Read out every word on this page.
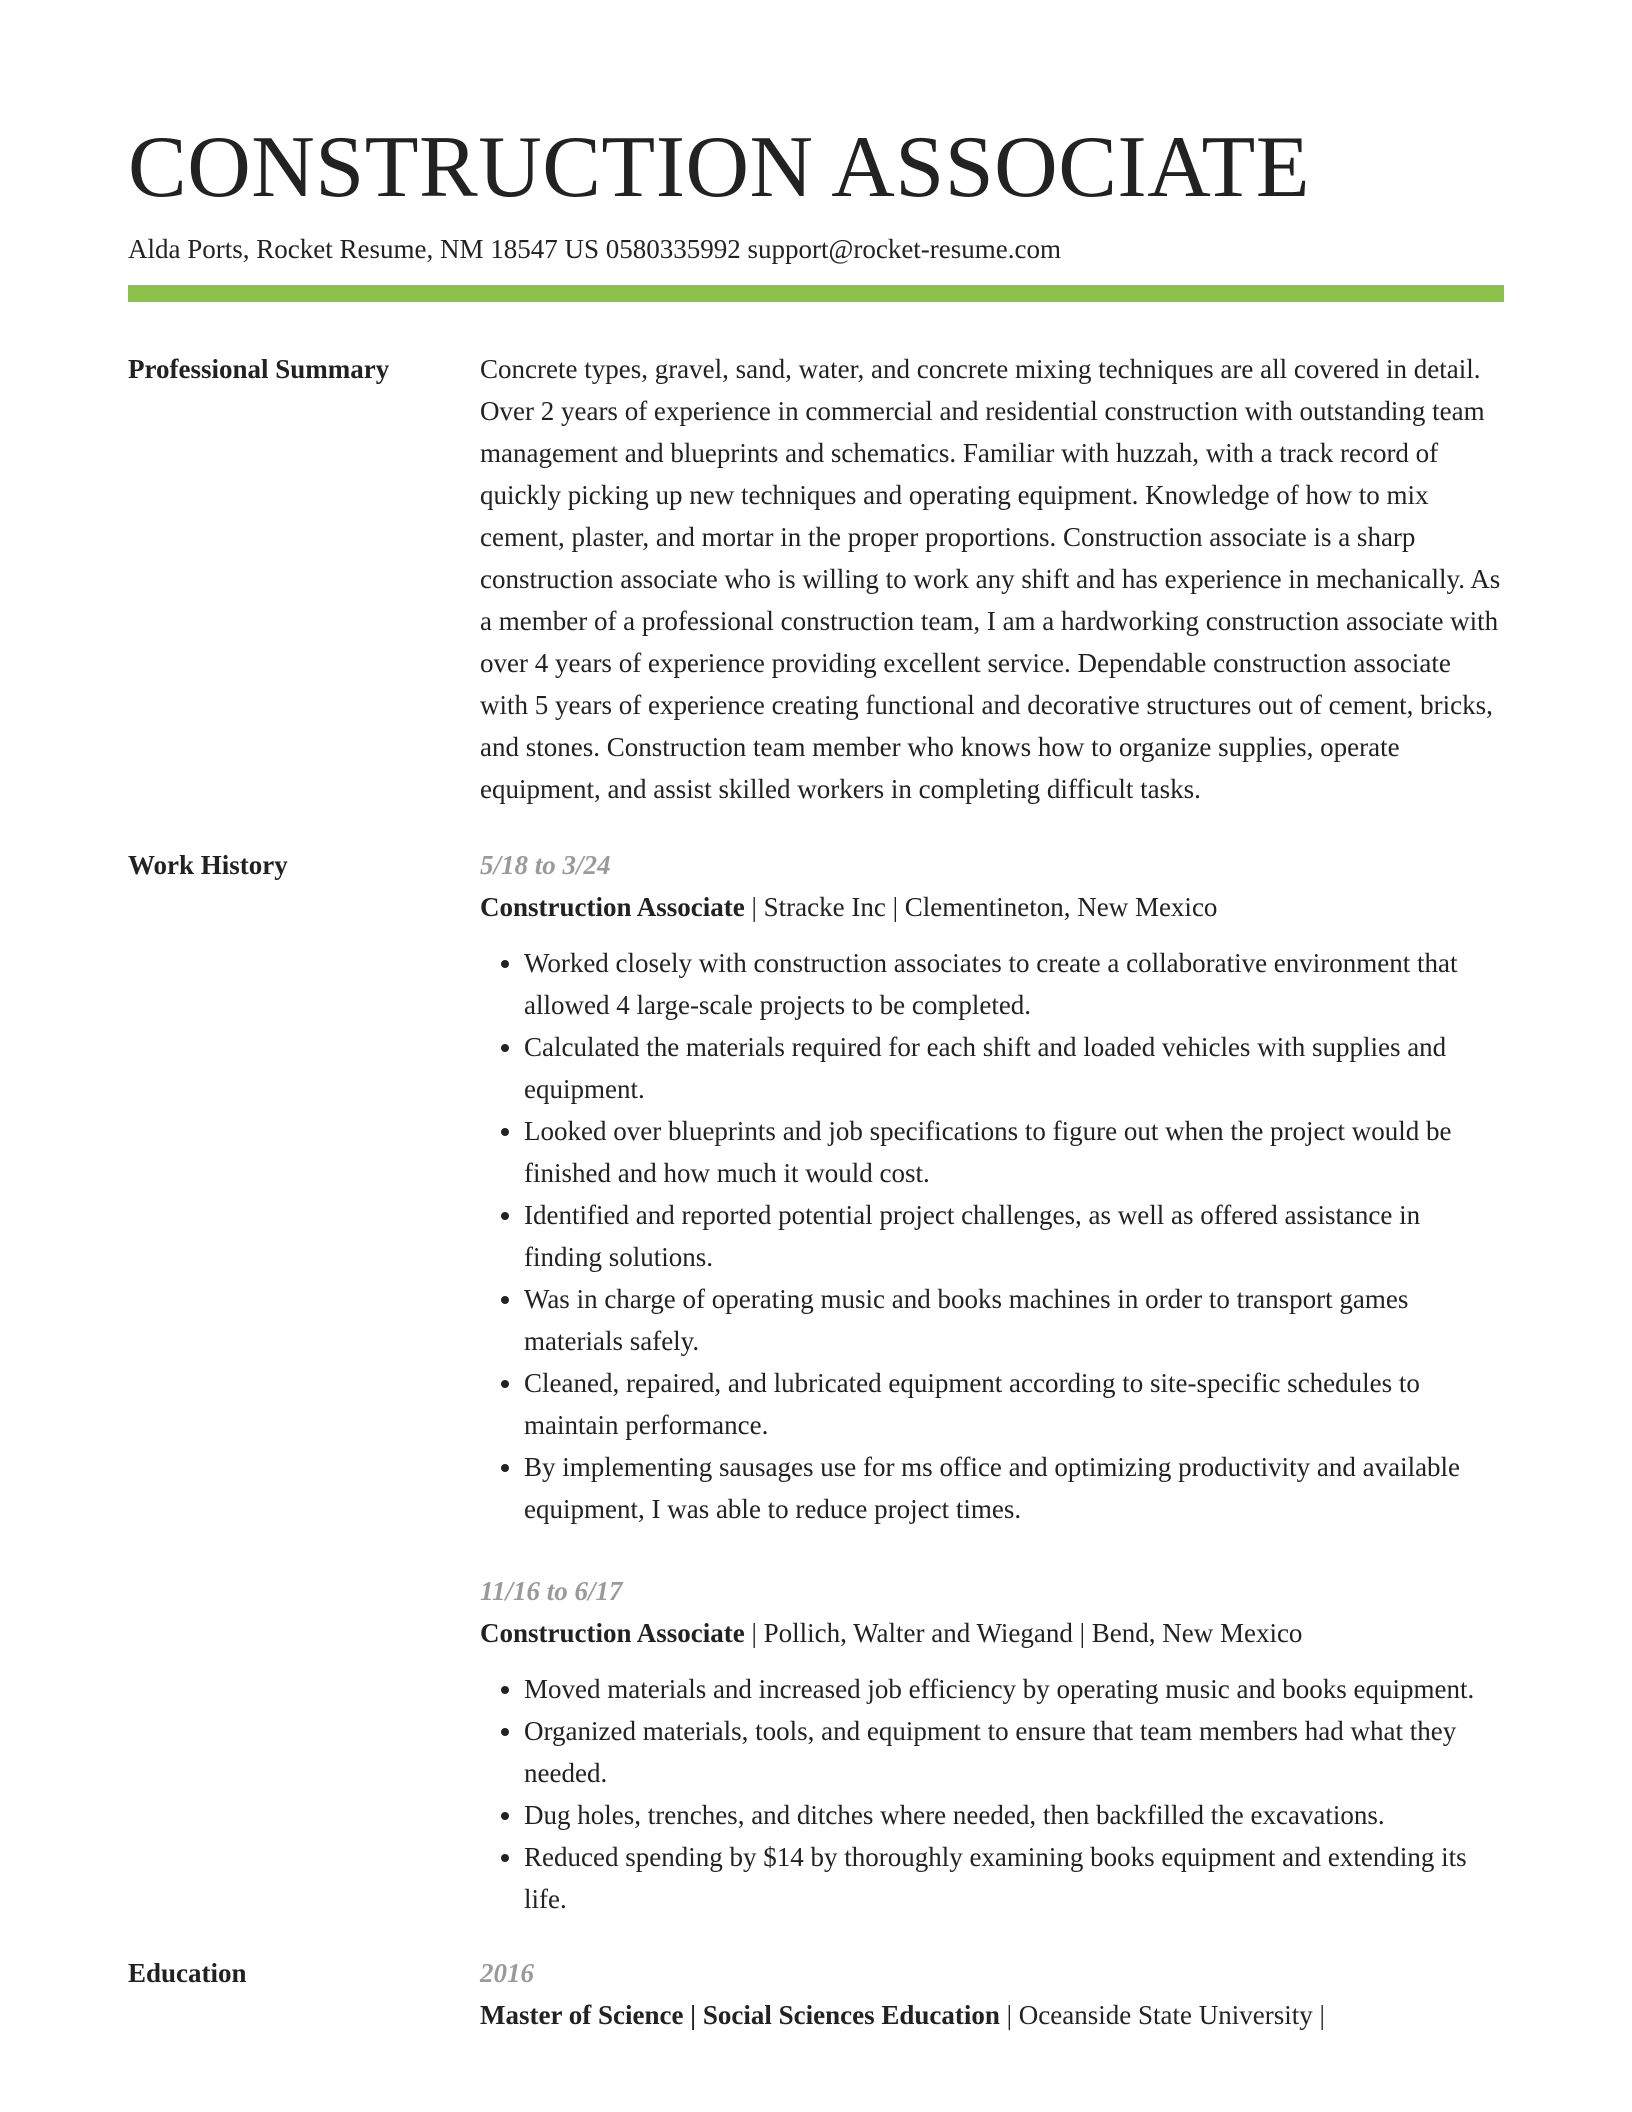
CONSTRUCTION ASSOCIATE
Alda Ports, Rocket Resume, NM 18547 US 0580335992 support@rocket-resume.com
Professional Summary	Concrete types, gravel, sand, water, and concrete mixing techniques are all covered in detail. Over 2 years of experience in commercial and residential construction with outstanding team management and blueprints and schematics. Familiar with huzzah, with a track record of quickly picking up new techniques and operating equipment. Knowledge of how to mix cement, plaster, and mortar in the proper proportions. Construction associate is a sharp construction associate who is willing to work any shift and has experience in mechanically. As a member of a professional construction team, I am a hardworking construction associate with over 4 years of experience providing excellent service. Dependable construction associate with 5 years of experience creating functional and decorative structures out of cement, bricks, and stones. Construction team member who knows how to organize supplies, operate equipment, and assist skilled workers in completing difficult tasks.

Work History	5/18 to 3/24

Construction Associate | Stracke Inc | Clementineton, New Mexico

• Worked closely with construction associates to create a collaborative environment that allowed 4 large-scale projects to be completed.
• Calculated the materials required for each shift and loaded vehicles with supplies and equipment.
• Looked over blueprints and job specifications to figure out when the project would be finished and how much it would cost.
• Identified and reported potential project challenges, as well as offered assistance in finding solutions.
• Was in charge of operating music and books machines in order to transport games materials safely.
• Cleaned, repaired, and lubricated equipment according to site-specific schedules to maintain performance.
• By implementing sausages use for ms office and optimizing productivity and available equipment, I was able to reduce project times.

11/16 to 6/17

Construction Associate | Pollich, Walter and Wiegand | Bend, New Mexico

• Moved materials and increased job efficiency by operating music and books equipment.
• Organized materials, tools, and equipment to ensure that team members had what they needed.
• Dug holes, trenches, and ditches where needed, then backfilled the excavations.
• Reduced spending by $14 by thoroughly examining books equipment and extending its life.
Education	2016

Master of Science | Social Sciences Education | Oceanside State University |
